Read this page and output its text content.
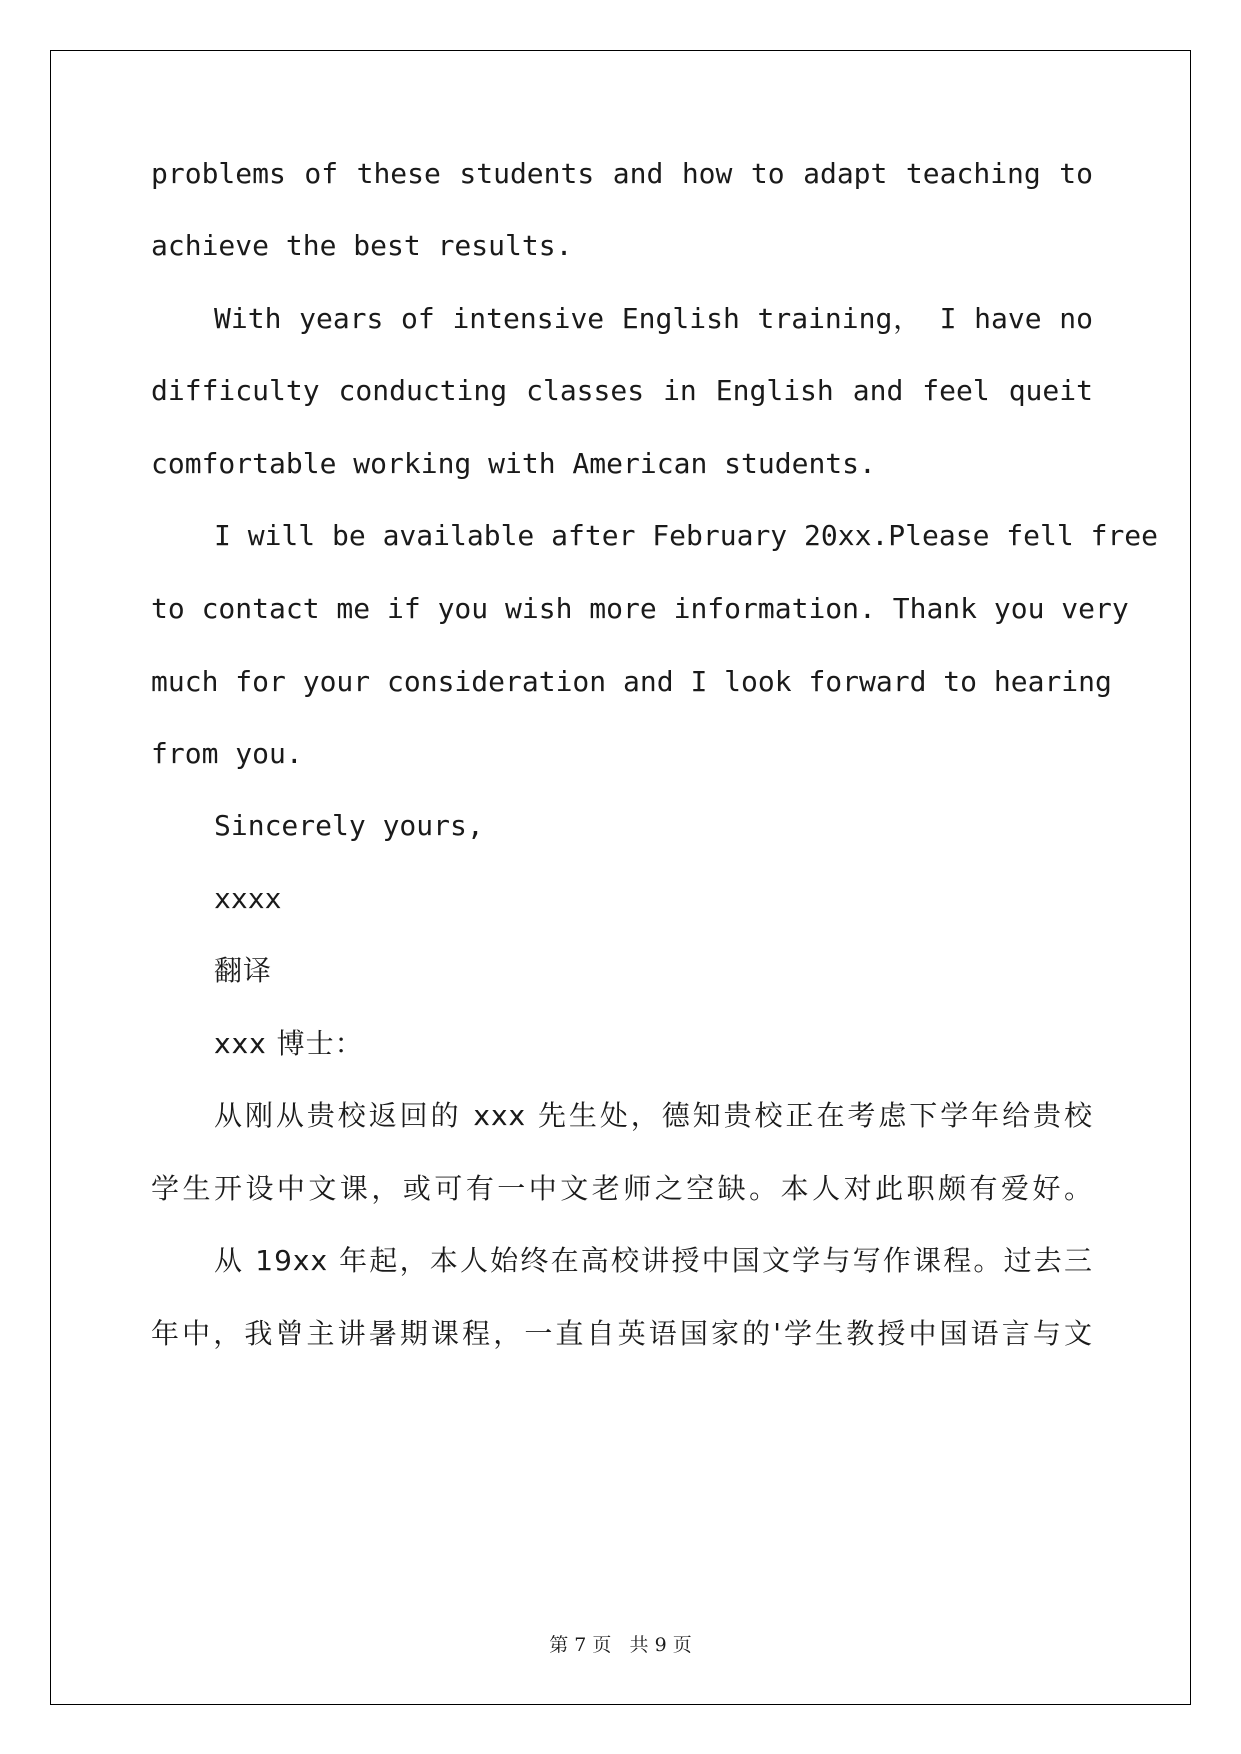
problems of these students and how to adapt teaching to
achieve the best results.
With years of intensive English training， I have no
difficulty conducting classes in English and feel queit
comfortable working with American students.
I will be available after February 20xx.Please fell free
to contact me if you wish more information. Thank you very
much for your consideration and I look forward to hearing
from you.
Sincerely yours,
xxxx
翻译
xxx 博士：
从刚从贵校返回的 xxx 先生处，德知贵校正在考虑下学年给贵校
学生开设中文课，或可有一中文老师之空缺。本人对此职颇有爱好。
从 19xx 年起，本人始终在高校讲授中国文学与写作课程。过去三
年中，我曾主讲暑期课程，一直自英语国家的'学生教授中国语言与文
第 7 页   共 9 页
